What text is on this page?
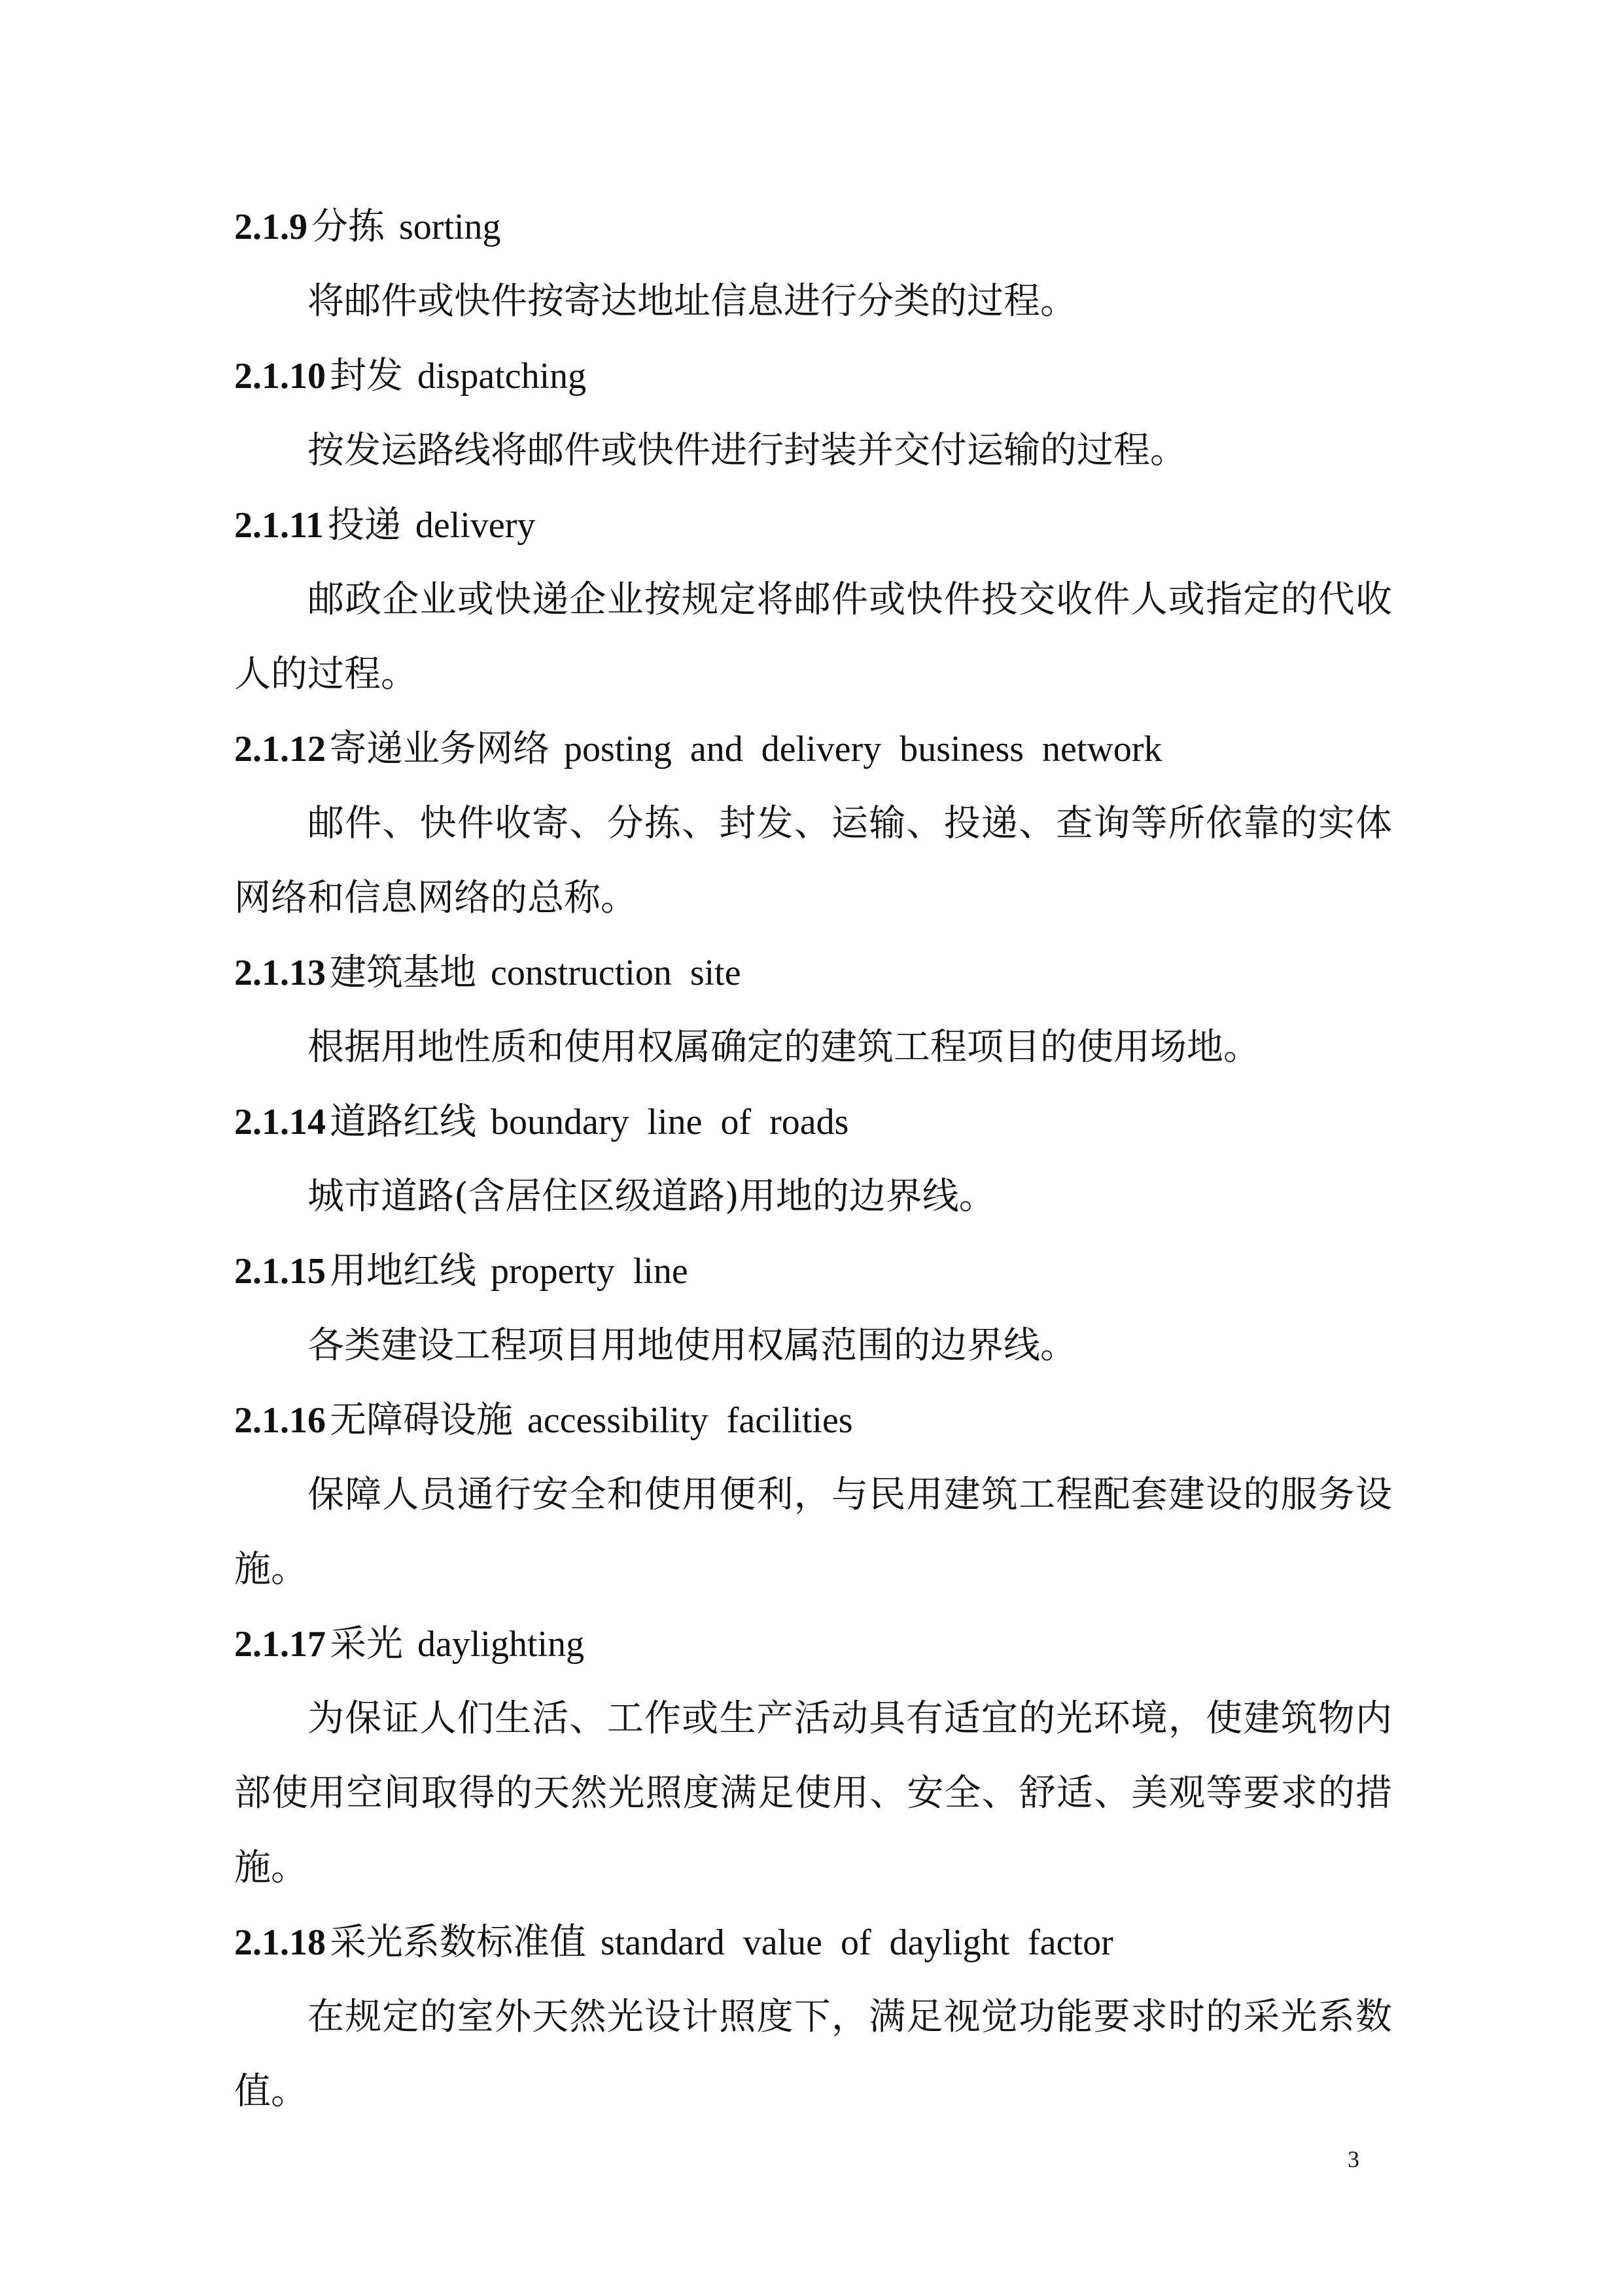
2.1.9 分拣 sorting

将邮件或快件按寄达地址信息进行分类的过程。

2.1.10 封发 dispatching

按发运路线将邮件或快件进行封装并交付运输的过程。

2.1.11 投递 delivery

邮政企业或快递企业按规定将邮件或快件投交收件人或指定的代收人的过程。

2.1.12 寄递业务网络 posting and delivery business network

邮件、快件收寄、分拣、封发、运输、投递、查询等所依靠的实体网络和信息网络的总称。

2.1.13 建筑基地 construction site

根据用地性质和使用权属确定的建筑工程项目的使用场地。

2.1.14 道路红线 boundary line of roads

城市道路(含居住区级道路)用地的边界线。

2.1.15 用地红线 property line

各类建设工程项目用地使用权属范围的边界线。

2.1.16 无障碍设施 accessibility facilities

保障人员通行安全和使用便利，与民用建筑工程配套建设的服务设施。

2.1.17 采光 daylighting

为保证人们生活、工作或生产活动具有适宜的光环境，使建筑物内部使用空间取得的天然光照度满足使用、安全、舒适、美观等要求的措施。

2.1.18 采光系数标准值 standard value of daylight factor

在规定的室外天然光设计照度下，满足视觉功能要求时的采光系数值。

3
